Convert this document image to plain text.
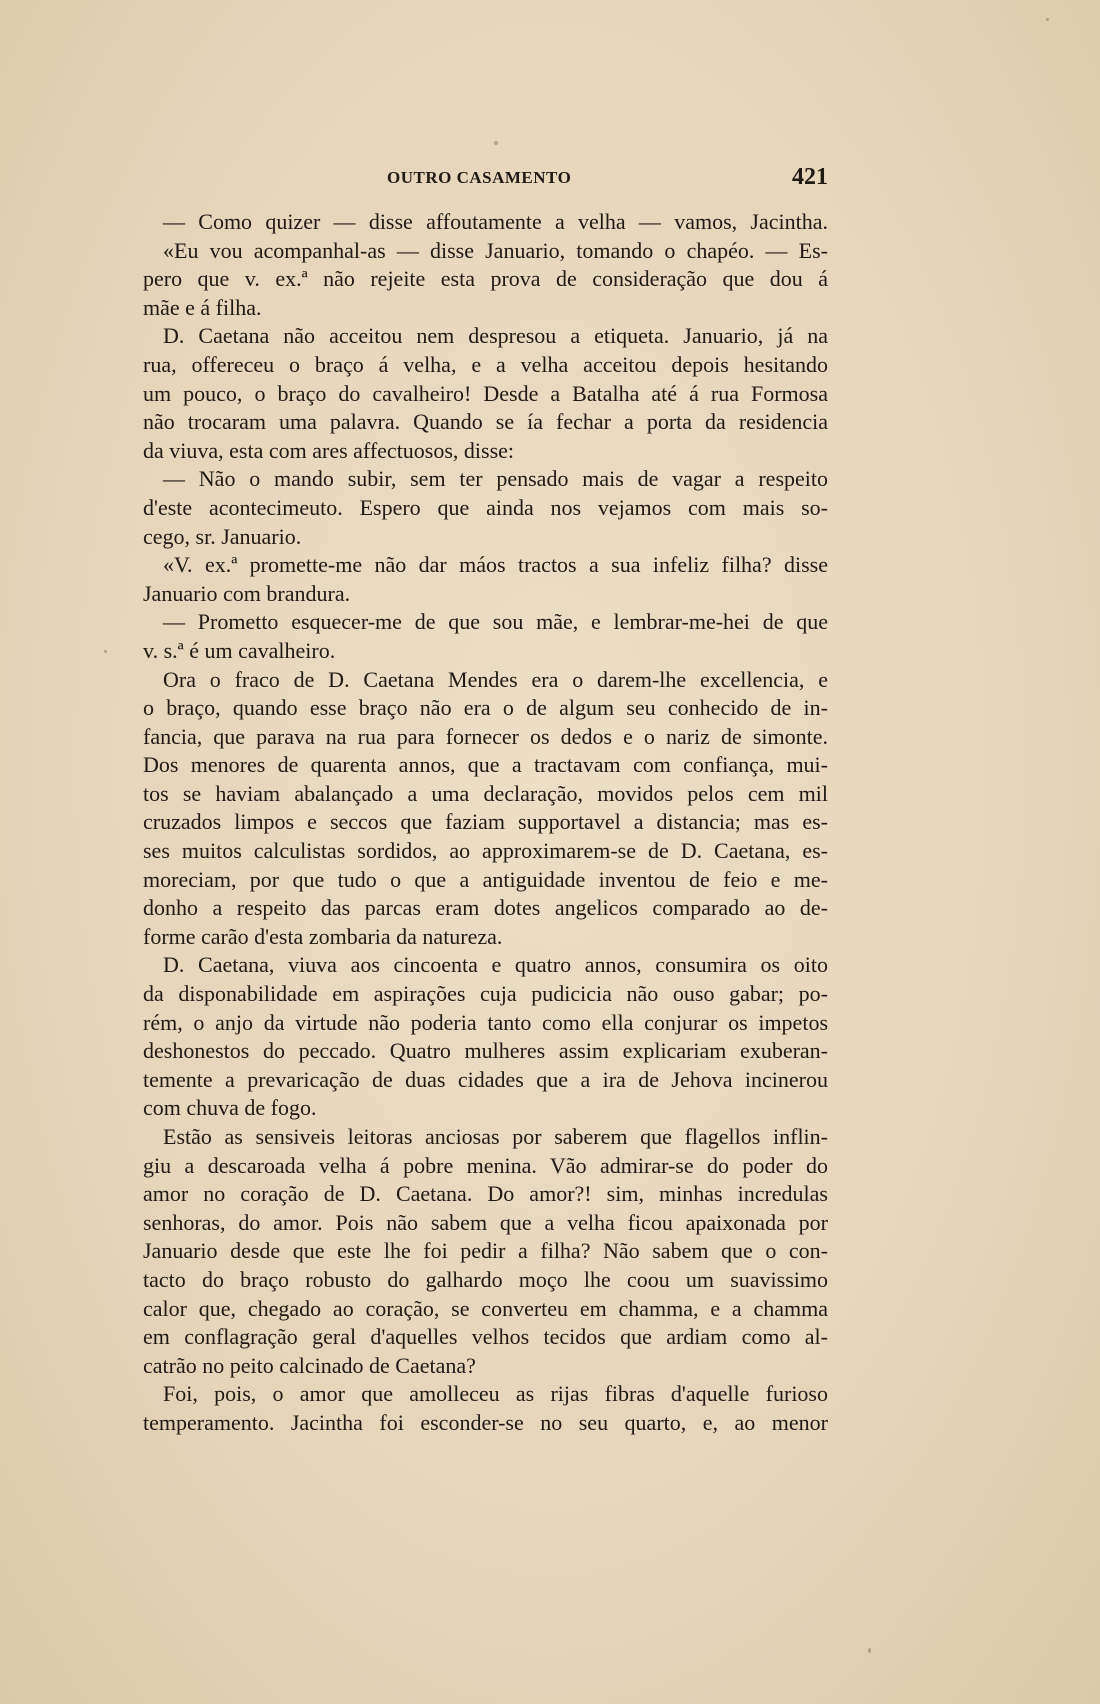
OUTRO CASAMENTO	421
— Como quizer — disse affoutamente a velha — vamos, Jacintha.
«Eu vou acompanhal-as — disse Januario, tomando o chapéo. — Es-
pero que v. ex.ª não rejeite esta prova de consideração que dou á
mãe e á filha.
D. Caetana não acceitou nem despresou a etiqueta. Januario, já na
rua, offereceu o braço á velha, e a velha acceitou depois hesitando
um pouco, o braço do cavalheiro! Desde a Batalha até á rua Formosa
não trocaram uma palavra. Quando se ía fechar a porta da residencia
da viuva, esta com ares affectuosos, disse:
— Não o mando subir, sem ter pensado mais de vagar a respeito
d'este acontecimeuto. Espero que ainda nos vejamos com mais so-
cego, sr. Januario.
«V. ex.ª promette-me não dar máos tractos a sua infeliz filha? disse
Januario com brandura.
— Prometto esquecer-me de que sou mãe, e lembrar-me-hei de que
v. s.ª é um cavalheiro.
Ora o fraco de D. Caetana Mendes era o darem-lhe excellencia, e
o braço, quando esse braço não era o de algum seu conhecido de in-
fancia, que parava na rua para fornecer os dedos e o nariz de simonte.
Dos menores de quarenta annos, que a tractavam com confiança, mui-
tos se haviam abalançado a uma declaração, movidos pelos cem mil
cruzados limpos e seccos que faziam supportavel a distancia; mas es-
ses muitos calculistas sordidos, ao approximarem-se de D. Caetana, es-
moreciam, por que tudo o que a antiguidade inventou de feio e me-
donho a respeito das parcas eram dotes angelicos comparado ao de-
forme carão d'esta zombaria da natureza.
D. Caetana, viuva aos cincoenta e quatro annos, consumira os oito
da disponabilidade em aspirações cuja pudicicia não ouso gabar; po-
rém, o anjo da virtude não poderia tanto como ella conjurar os impetos
deshonestos do peccado. Quatro mulheres assim explicariam exuberan-
temente a prevaricação de duas cidades que a ira de Jehova incinerou
com chuva de fogo.
Estão as sensiveis leitoras anciosas por saberem que flagellos inflin-
giu a descaroada velha á pobre menina. Vão admirar-se do poder do
amor no coração de D. Caetana. Do amor?! sim, minhas incredulas
senhoras, do amor. Pois não sabem que a velha ficou apaixonada por
Januario desde que este lhe foi pedir a filha? Não sabem que o con-
tacto do braço robusto do galhardo moço lhe coou um suavissimo
calor que, chegado ao coração, se converteu em chamma, e a chamma
em conflagração geral d'aquelles velhos tecidos que ardiam como al-
catrão no peito calcinado de Caetana?
Foi, pois, o amor que amolleceu as rijas fibras d'aquelle furioso
temperamento. Jacintha foi esconder-se no seu quarto, e, ao menor
